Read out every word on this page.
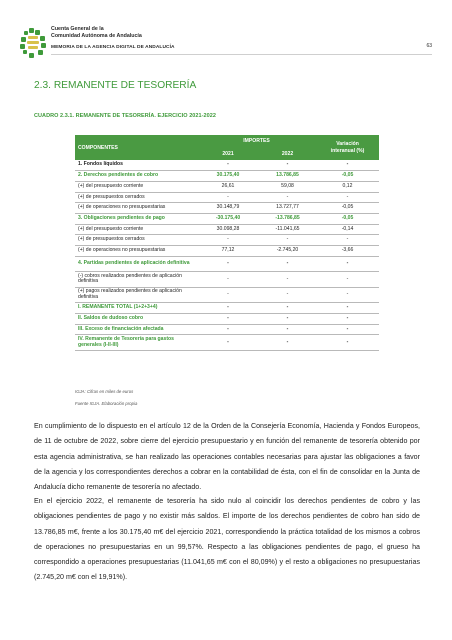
Cuenta General de la
Comunidad Autónoma de Andalucía
MEMORIA DE LA AGENCIA DIGITAL DE ANDALUCÍA	63
2.3. REMANENTE DE TESORERÍA
CUADRO 2.3.1. REMANENTE DE TESORERÍA. EJERCICIO 2021-2022
COMPONENTES	IMPORTES		Variación
interanual (%)

	2021	2022	
1. Fondos líquidos	-	-	-
2. Derechos pendientes de cobro	30.175,40	13.786,85	-0,05
(+) del presupuesto corriente	26,61	59,08	0,12
(+) de presupuestos cerrados	-	-	-
(+) de operaciones no presupuestarias	30.148,79	13.727,77	-0,05
3. Obligaciones pendientes de pago	-30.175,40	-13.786,85	-0,05
(+) del presupuesto corriente	30.098,28	-11.041,65	-0,14
(+) de presupuestos cerrados	-	-	-
(+) de operaciones no presupuestarias	77,12	-2.745,20	-3,66
4. Partidas pendientes de aplicación definitiva	-	-	-
(-) cobros realizados pendientes de aplicación definitiva	-	-	-
(+) pagos realizados pendientes de aplicación definitiva	-	-	-
I. REMANENTE TOTAL (1+2+3+4)	-	-	-
II. Saldos de dudoso cobro	-	-	-
III. Exceso de financiación afectada	-	-	-
IV. Remanente de Tesorería para gastos generales (I-II-III)	-	-	-
IGJA: Cifras en miles de euros
Fuente IGJA. Elaboración propia

En cumplimiento de lo dispuesto en el artículo 12 de la Orden de la Consejería Economía, Hacienda y Fondos Europeos, de 11 de octubre de 2022, sobre cierre del ejercicio presupuestario y en función del remanente de tesorería obtenido por esta agencia administrativa, se han realizado las operaciones contables necesarias para ajustar las obligaciones a favor de la agencia y los correspondientes derechos a cobrar en la contabilidad de ésta, con el fin de consolidar en la Junta de Andalucía dicho remanente de tesorería no afectado.

En el ejercicio 2022, el remanente de tesorería ha sido nulo al coincidir los derechos pendientes de cobro y las obligaciones pendientes de pago y no existir más saldos. El importe de los derechos pendientes de cobro han sido de 13.786,85 m€, frente a los 30.175,40 m€ del ejercicio 2021, correspondiendo la práctica totalidad de los mismos a cobros de operaciones no presupuestarias en un 99,57%. Respecto a las obligaciones pendientes de pago, el grueso ha correspondido a operaciones presupuestarias (11.041,65 m€ con el 80,09%) y el resto a obligaciones no presupuestarias (2.745,20 m€ con el 19,91%).
